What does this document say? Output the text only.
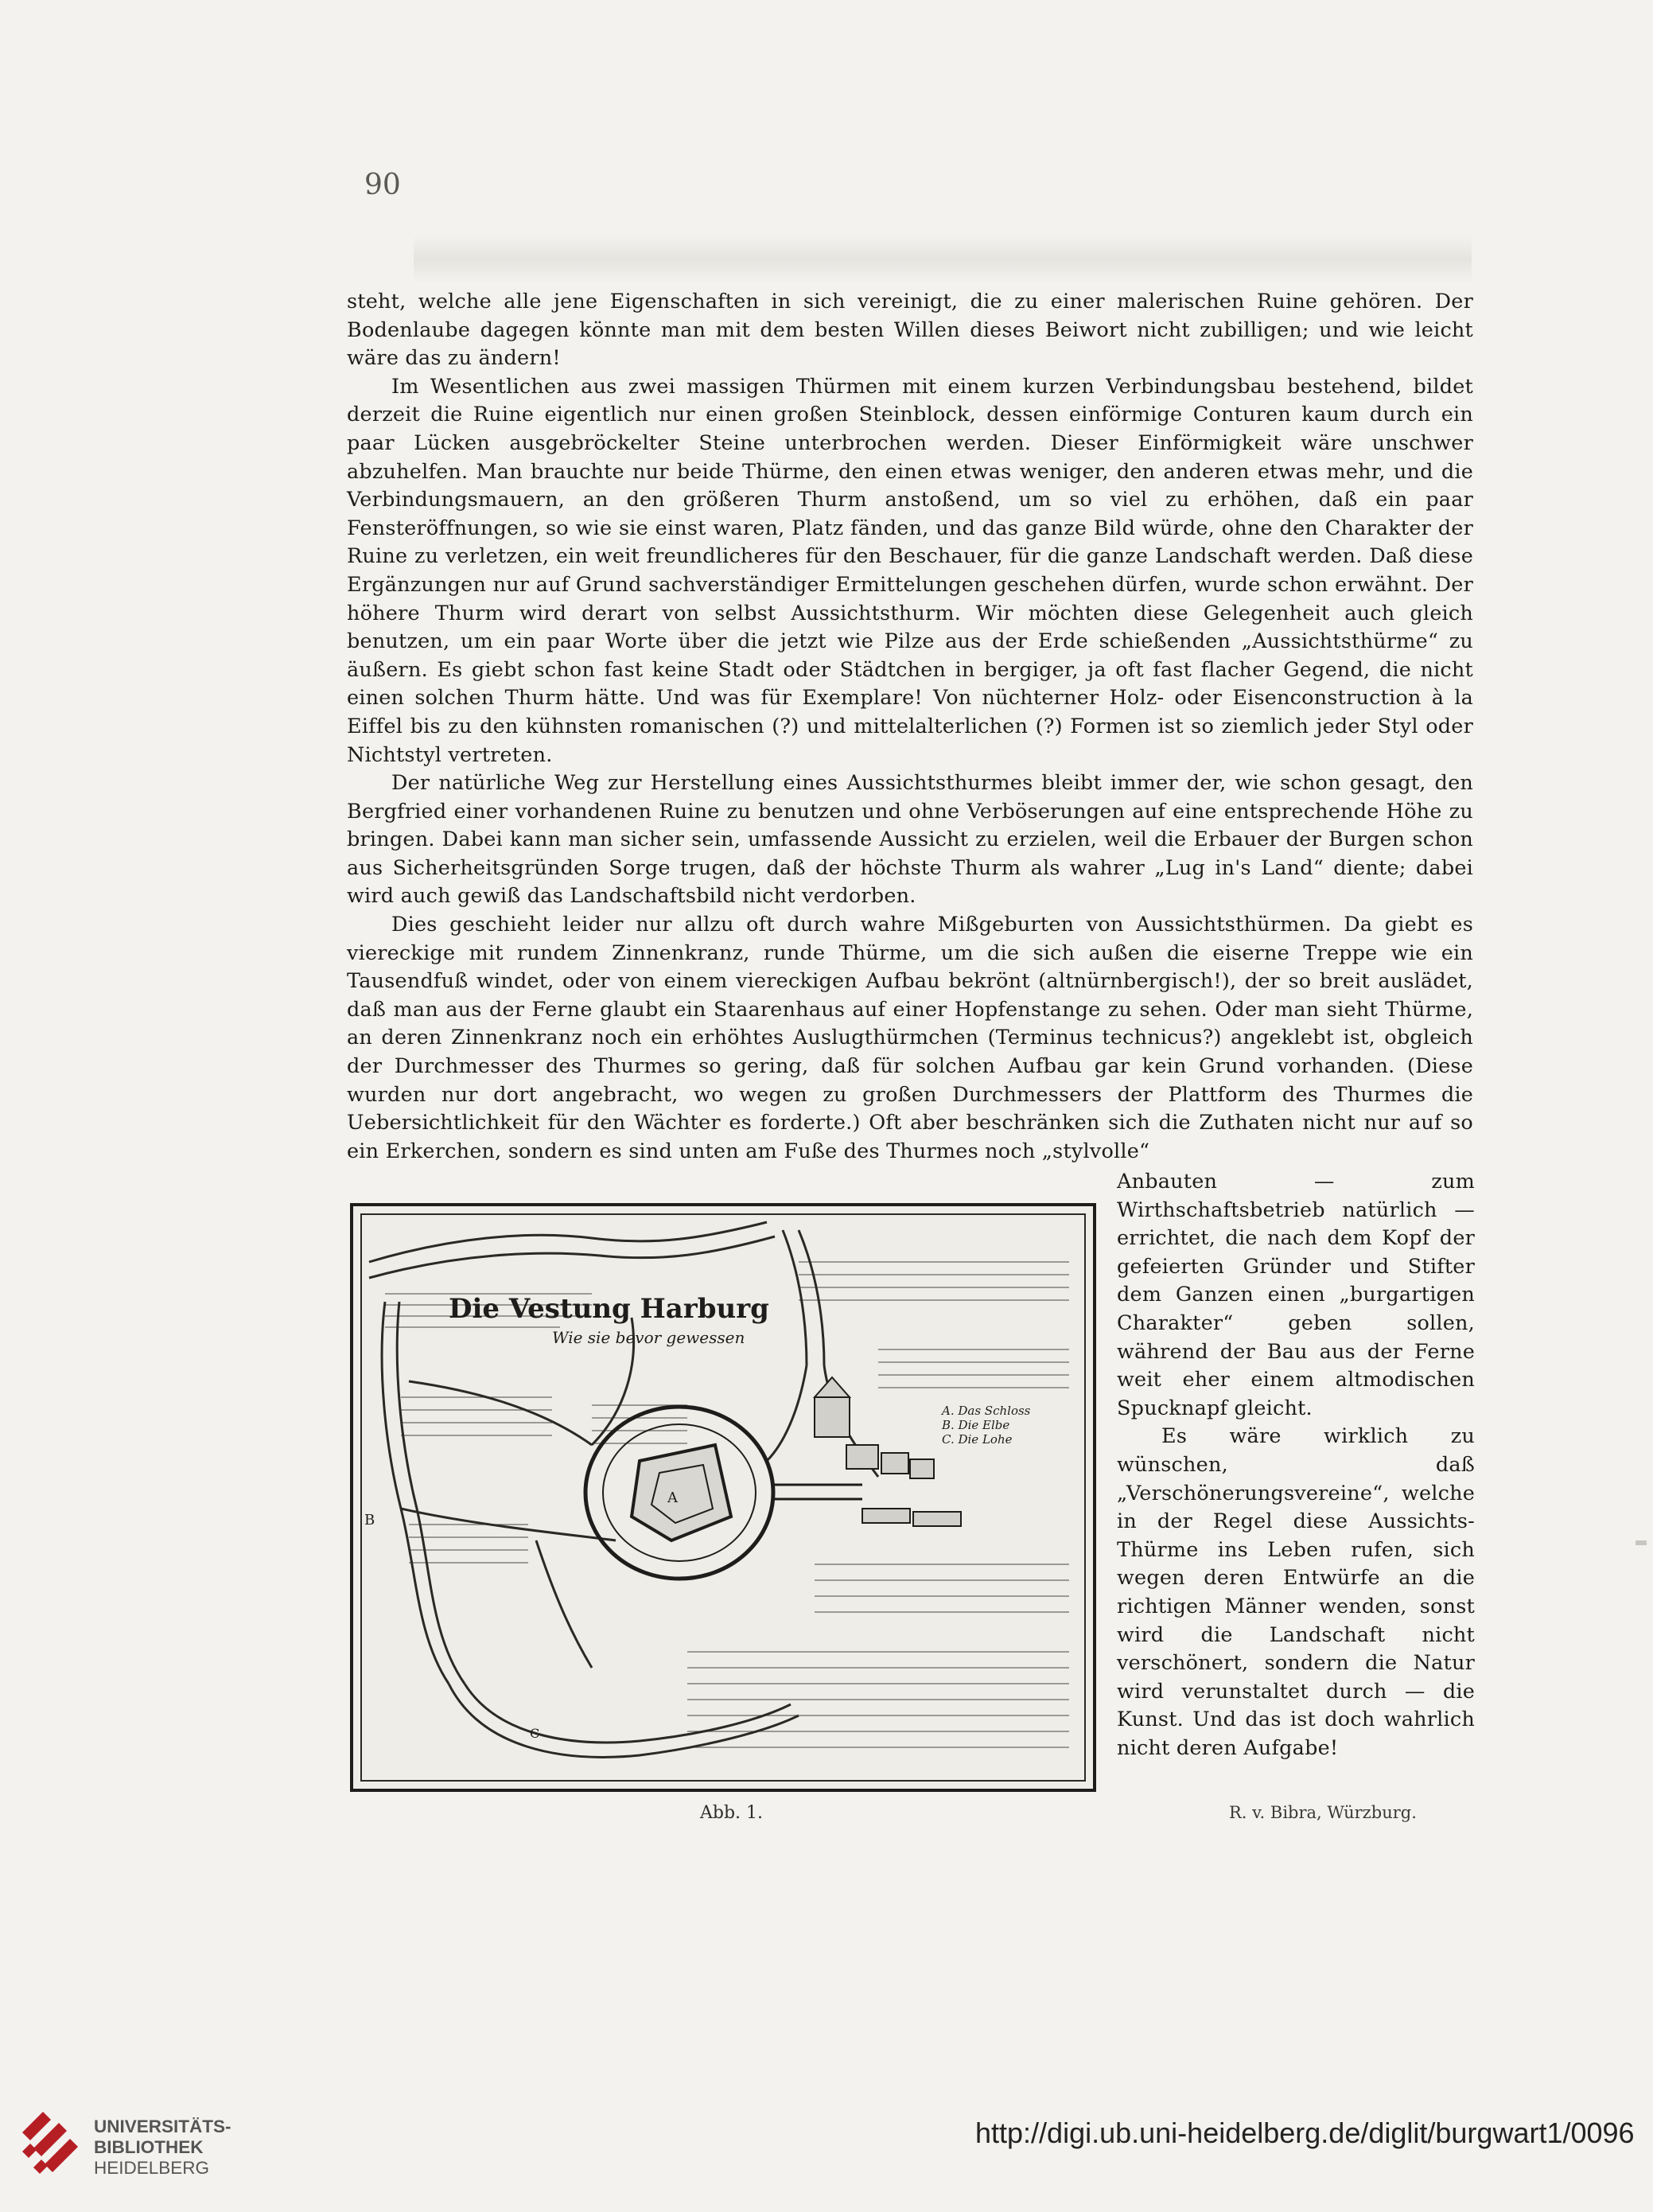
90

steht, welche alle jene Eigenschaften in sich vereinigt, die zu einer malerischen Ruine gehören. Der Bodenlaube dagegen könnte man mit dem besten Willen dieses Beiwort nicht zubilligen; und wie leicht wäre das zu ändern!

Im Wesentlichen aus zwei massigen Thürmen mit einem kurzen Verbindungsbau bestehend, bildet derzeit die Ruine eigentlich nur einen großen Steinblock, dessen einförmige Conturen kaum durch ein paar Lücken ausgebröckelter Steine unterbrochen werden. Dieser Einförmigkeit wäre unschwer abzuhelfen. Man brauchte nur beide Thürme, den einen etwas weniger, den anderen etwas mehr, und die Verbindungsmauern, an den größeren Thurm anstoßend, um so viel zu erhöhen, daß ein paar Fensteröffnungen, so wie sie einst waren, Platz fänden, und das ganze Bild würde, ohne den Charakter der Ruine zu verletzen, ein weit freundlicheres für den Beschauer, für die ganze Landschaft werden. Daß diese Ergänzungen nur auf Grund sachverständiger Ermittelungen geschehen dürfen, wurde schon erwähnt. Der höhere Thurm wird derart von selbst Aussichtsthurm. Wir möchten diese Gelegenheit auch gleich benutzen, um ein paar Worte über die jetzt wie Pilze aus der Erde schießenden „Aussichtsthürme“ zu äußern. Es giebt schon fast keine Stadt oder Städtchen in bergiger, ja oft fast flacher Gegend, die nicht einen solchen Thurm hätte. Und was für Exemplare! Von nüchterner Holz- oder Eisenconstruction à la Eiffel bis zu den kühnsten romanischen (?) und mittelalterlichen (?) Formen ist so ziemlich jeder Styl oder Nichtstyl vertreten.

Der natürliche Weg zur Herstellung eines Aussichtsthurmes bleibt immer der, wie schon gesagt, den Bergfried einer vorhandenen Ruine zu benutzen und ohne Verböserungen auf eine entsprechende Höhe zu bringen. Dabei kann man sicher sein, umfassende Aussicht zu erzielen, weil die Erbauer der Burgen schon aus Sicherheitsgründen Sorge trugen, daß der höchste Thurm als wahrer „Lug in's Land“ diente; dabei wird auch gewiß das Landschaftsbild nicht verdorben.

Dies geschieht leider nur allzu oft durch wahre Mißgeburten von Aussichtsthürmen. Da giebt es viereckige mit rundem Zinnenkranz, runde Thürme, um die sich außen die eiserne Treppe wie ein Tausendfuß windet, oder von einem viereckigen Aufbau bekrönt (altnürnbergisch!), der so breit auslädet, daß man aus der Ferne glaubt ein Staarenhaus auf einer Hopfenstange zu sehen. Oder man sieht Thürme, an deren Zinnenkranz noch ein erhöhtes Auslugthürmchen (Terminus technicus?) angeklebt ist, obgleich der Durchmesser des Thurmes so gering, daß für solchen Aufbau gar kein Grund vorhanden. (Diese wurden nur dort angebracht, wo wegen zu großen Durchmessers der Plattform des Thurmes die Uebersichtlichkeit für den Wächter es forderte.) Oft aber beschränken sich die Zuthaten nicht nur auf so ein Erkerchen, sondern es sind unten am Fuße des Thurmes noch „stylvolle“

Die Vestung Harburg
Wie sie bevor gewessen
A. Das Schloss
B. Die Elbe
C. Die Lohe
A
B
C

Anbauten — zum Wirthschaftsbetrieb natürlich — errichtet, die nach dem Kopf der gefeierten Gründer und Stifter dem Ganzen einen „burgartigen Charakter“ geben sollen, während der Bau aus der Ferne weit eher einem altmodischen Spucknapf gleicht.

Es wäre wirklich zu wünschen, daß „Verschönerungsvereine“, welche in der Regel diese Aussichts-Thürme ins Leben rufen, sich wegen deren Entwürfe an die richtigen Männer wenden, sonst wird die Landschaft nicht verschönert, sondern die Natur wird verunstaltet durch — die Kunst. Und das ist doch wahrlich nicht deren Aufgabe!

Abb. 1.	R. v. Bibra, Würzburg.
UNIVERSITÄTS-
BIBLIOTHEK
HEIDELBERG
http://digi.ub.uni-heidelberg.de/diglit/burgwart1/0096
